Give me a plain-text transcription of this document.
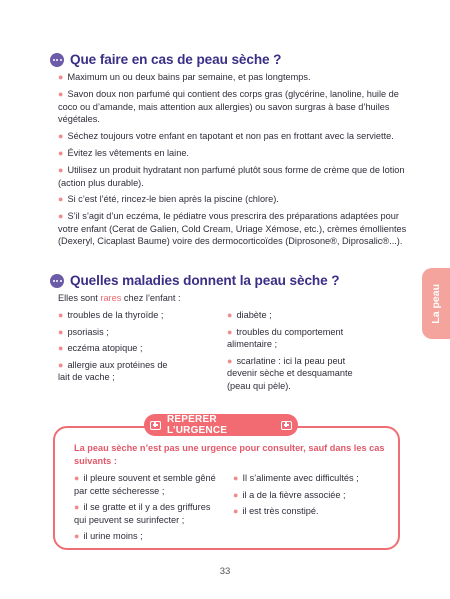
Que faire en cas de peau sèche ?
● Maximum un ou deux bains par semaine, et pas longtemps.
● Savon doux non parfumé qui contient des corps gras (glycérine, lanoline, huile de coco ou d’amande, mais attention aux allergies) ou savon surgras à base d’huiles végétales.
● Séchez toujours votre enfant en tapotant et non pas en frottant avec la serviette.
● Évitez les vêtements en laine.
● Utilisez un produit hydratant non parfumé plutôt sous forme de crème que de lotion (action plus durable).
● Si c’est l’été, rincez-le bien après la piscine (chlore).
● S’il s’agit d’un eczéma, le pédiatre vous prescrira des préparations adaptées pour votre enfant (Cerat de Galien, Cold Cream, Uriage Xémose, etc.), crèmes émollientes (Dexeryl, Cicaplast Baume) voire des dermocorticoïdes (Diprosone®, Diprosalic®...).
Quelles maladies donnent la peau sèche ?
Elles sont rares chez l’enfant :
● troubles de la thyroïde ;
● psoriasis ;
● eczéma atopique ;
● allergie aux protéines de lait de vache ;
● diabète ;
● troubles du comportement alimentaire ;
● scarlatine : ici la peau peut devenir sèche et desquamante (peau qui pèle).
La peau
REPÉRER L’URGENCE
La peau sèche n’est pas une urgence pour consulter, sauf dans les cas suivants :
● il pleure souvent et semble gêné par cette sécheresse ;
● il se gratte et il y a des griffures qui peuvent se surinfecter ;
● il urine moins ;
● Il s’alimente avec difficultés ;
● il a de la fièvre associée ;
● il est très constipé.
33
